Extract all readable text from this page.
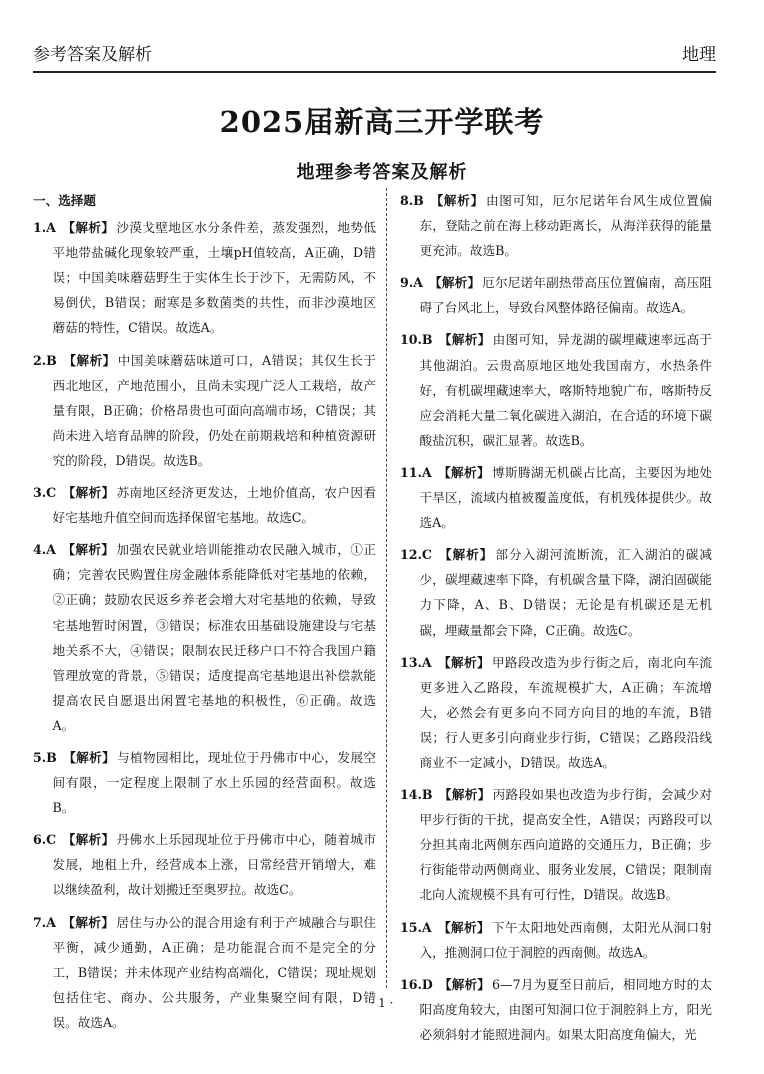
参考答案及解析	地理
2025届新高三开学联考
地理参考答案及解析
一、选择题
1.A 【解析】 沙漠戈壁地区水分条件差，蒸发强烈，地势低平地带盐碱化现象较严重，土壤pH值较高，A正确，D错误；中国美味蘑菇野生于实体生长于沙下，无需防风，不易倒伏，B错误；耐寒是多数菌类的共性，而非沙漠地区蘑菇的特性，C错误。故选A。
2.B 【解析】 中国美味蘑菇味道可口，A错误；其仅生长于西北地区，产地范围小，且尚未实现广泛人工栽培，故产量有限，B正确；价格昂贵也可面向高端市场，C错误；其尚未进入培育品牌的阶段，仍处在前期栽培和种植资源研究的阶段，D错误。故选B。
3.C 【解析】 苏南地区经济更发达，土地价值高，农户因看好宅基地升值空间而选择保留宅基地。故选C。
4.A 【解析】 加强农民就业培训能推动农民融入城市，①正确；完善农民购置住房金融体系能降低对宅基地的依赖，②正确；鼓励农民返乡养老会增大对宅基地的依赖，导致宅基地暂时闲置，③错误；标准农田基础设施建设与宅基地关系不大，④错误；限制农民迁移户口不符合我国户籍管理放宽的背景，⑤错误；适度提高宅基地退出补偿款能提高农民自愿退出闲置宅基地的积极性，⑥正确。故选A。
5.B 【解析】 与植物园相比，现址位于丹佛市中心，发展空间有限，一定程度上限制了水上乐园的经营面积。故选B。
6.C 【解析】 丹佛水上乐园现址位于丹佛市中心，随着城市发展，地租上升，经营成本上涨，日常经营开销增大，难以继续盈利，故计划搬迁至奥罗拉。故选C。
7.A 【解析】 居住与办公的混合用途有利于产城融合与职住平衡，减少通勤，A正确；是功能混合而不是完全的分工，B错误；并未体现产业结构高端化，C错误；现址规划包括住宅、商办、公共服务，产业集聚空间有限，D错误。故选A。
8.B 【解析】 由图可知，厄尔尼诺年台风生成位置偏东，登陆之前在海上移动距离长，从海洋获得的能量更充沛。故选B。
9.A 【解析】 厄尔尼诺年副热带高压位置偏南，高压阻碍了台风北上，导致台风整体路径偏南。故选A。
10.B 【解析】 由图可知，异龙湖的碳埋藏速率远高于其他湖泊。云贵高原地区地处我国南方，水热条件好，有机碳埋藏速率大，喀斯特地貌广布，喀斯特反应会消耗大量二氧化碳进入湖泊，在合适的环境下碳酸盐沉积，碳汇显著。故选B。
11.A 【解析】 博斯腾湖无机碳占比高，主要因为地处干旱区，流域内植被覆盖度低，有机残体提供少。故选A。
12.C 【解析】 部分入湖河流断流，汇入湖泊的碳减少，碳埋藏速率下降，有机碳含量下降，湖泊固碳能力下降，A、B、D错误；无论是有机碳还是无机碳，埋藏量都会下降，C正确。故选C。
13.A 【解析】 甲路段改造为步行街之后，南北向车流更多进入乙路段，车流规模扩大，A正确；车流增大，必然会有更多向不同方向目的地的车流，B错误；行人更多引向商业步行街，C错误；乙路段沿线商业不一定减小，D错误。故选A。
14.B 【解析】 丙路段如果也改造为步行街，会减少对甲步行街的干扰，提高安全性，A错误；丙路段可以分担其南北两侧东西向道路的交通压力，B正确；步行街能带动两侧商业、服务业发展，C错误；限制南北向人流规模不具有可行性，D错误。故选B。
15.A 【解析】 下午太阳地处西南侧，太阳光从洞口射入，推测洞口位于洞腔的西南侧。故选A。
16.D 【解析】 6—7月为夏至日前后，相同地方时的太阳高度角较大，由图可知洞口位于洞腔斜上方，阳光必须斜射才能照进洞内。如果太阳高度角偏大，光
· 1 ·
